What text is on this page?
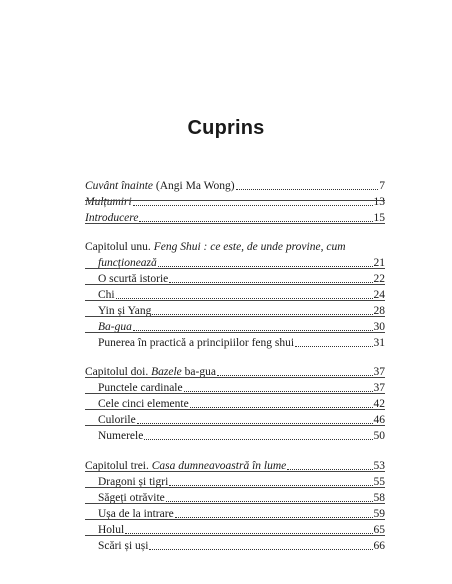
Cuprins
Cuvânt înainte (Angi Ma Wong)	7
Mulțumiri	13
Introducere	15
Capitolul unu. Feng Shui : ce este, de unde provine, cum
funcționează	21
O scurtă istorie	22
Chi	24
Yin și Yang	28
Ba-gua	30
Punerea în practică a principiilor feng shui	31
Capitolul doi. Bazele ba-gua	37
Punctele cardinale	37
Cele cinci elemente	42
Culorile	46
Numerele	50
Capitolul trei. Casa dumneavoastră în lume	53
Dragoni și tigri	55
Săgeți otrăvite	58
Ușa de la intrare	59
Holul	65
Scări și uși	66
